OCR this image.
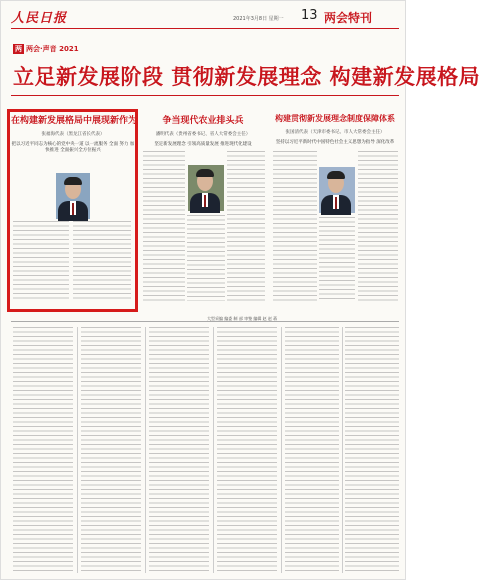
人民日报	2021年3月8日 星期一 13 两会特刊
两 两会·声音 2021
立足新发展阶段 贯彻新发展理念 构建新发展格局
在构建新发展格局中展现新作为
张福海代表（黑龙江省长代表）
把以习近平同志为核心的党中央一道 以一流服务 全面 努力 加快推进 全面振兴全方位振兴
争当现代农业排头兵
潘明代表（贵州省委书记、省人大常委会主任）
坚定新发展理念 引领高质量发展 推进现代化建设
构建贯彻新发展理念制度保障体系
张国清代表（天津市委书记、市人大常委会主任）
坚持以习近平新时代中国特色社会主义思想为指导 深化改革
大型采编 编委 制 部 审签 编辑 赵 赵 蒋
